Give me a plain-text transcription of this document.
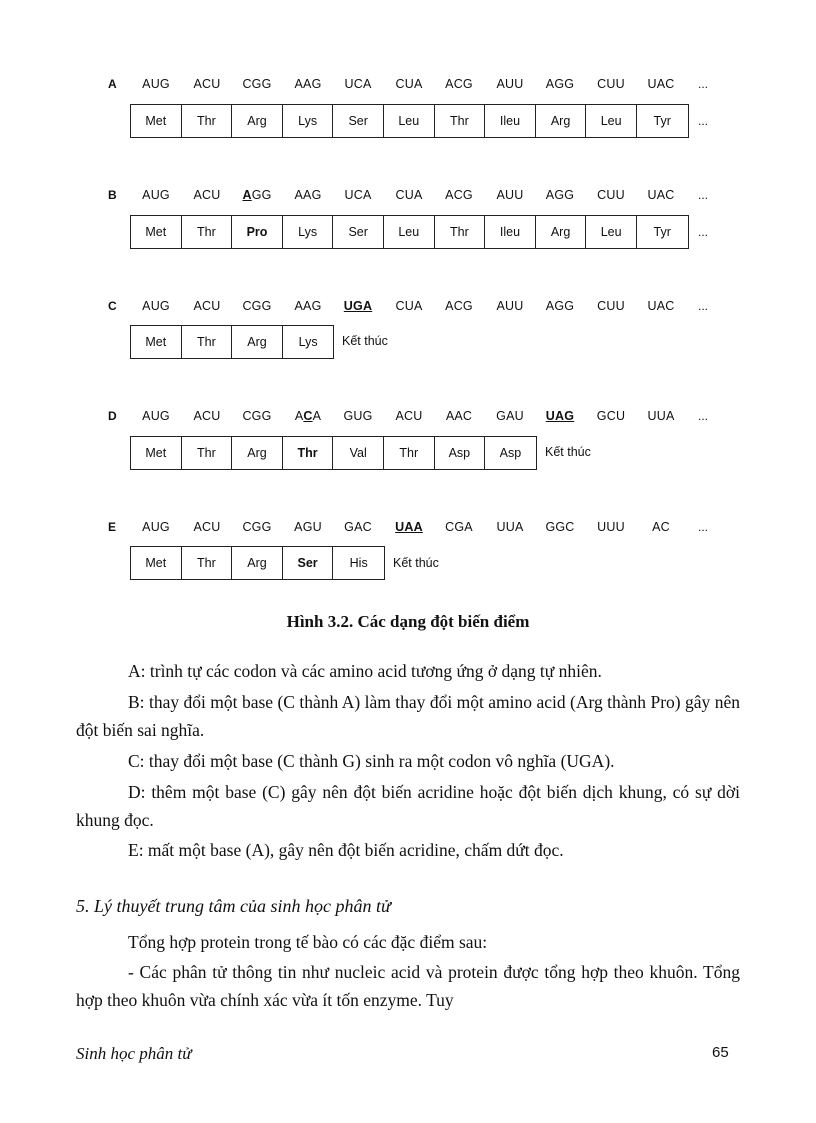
A	AUG	ACU	CGG	AAG	UCA	CUA	ACG	AUU	AGG	CUU	UAC	...
Met	Thr	Arg	Lys	Ser	Leu	Thr	Ileu	Arg	Leu	Tyr	...
B	AUG	ACU	AGG	AAG	UCA	CUA	ACG	AUU	AGG	CUU	UAC	...
Met	Thr	Pro	Lys	Ser	Leu	Thr	Ileu	Arg	Leu	Tyr	...
C	AUG	ACU	CGG	AAG	UGA	CUA	ACG	AUU	AGG	CUU	UAC	...
Met	Thr	Arg	Lys	Kết thúc
D	AUG	ACU	CGG	ACA	GUG	ACU	AAC	GAU	UAG	GCU	UUA	...
Met	Thr	Arg	Thr	Val	Thr	Asp	Asp	Kết thúc
E	AUG	ACU	CGG	AGU	GAC	UAA	CGA	UUA	GGC	UUU	AC	...
Met	Thr	Arg	Ser	His	Kết thúc
Hình 3.2. Các dạng đột biến điểm
A: trình tự các codon và các amino acid tương ứng ở dạng tự nhiên.
B: thay đổi một base (C thành A) làm thay đổi một amino acid (Arg thành Pro) gây nên đột biến sai nghĩa.
C: thay đổi một base (C thành G) sinh ra một codon vô nghĩa (UGA).
D: thêm một base (C) gây nên đột biến acridine hoặc đột biến dịch khung, có sự dời khung đọc.
E: mất một base (A), gây nên đột biến acridine, chấm dứt đọc.
5. Lý thuyết trung tâm của sinh học phân tử
Tổng hợp protein trong tế bào có các đặc điểm sau:
- Các phân tử thông tin như nucleic acid và protein được tổng hợp theo khuôn. Tổng hợp theo khuôn vừa chính xác vừa ít tốn enzyme. Tuy
Sinh học phân tử	65
